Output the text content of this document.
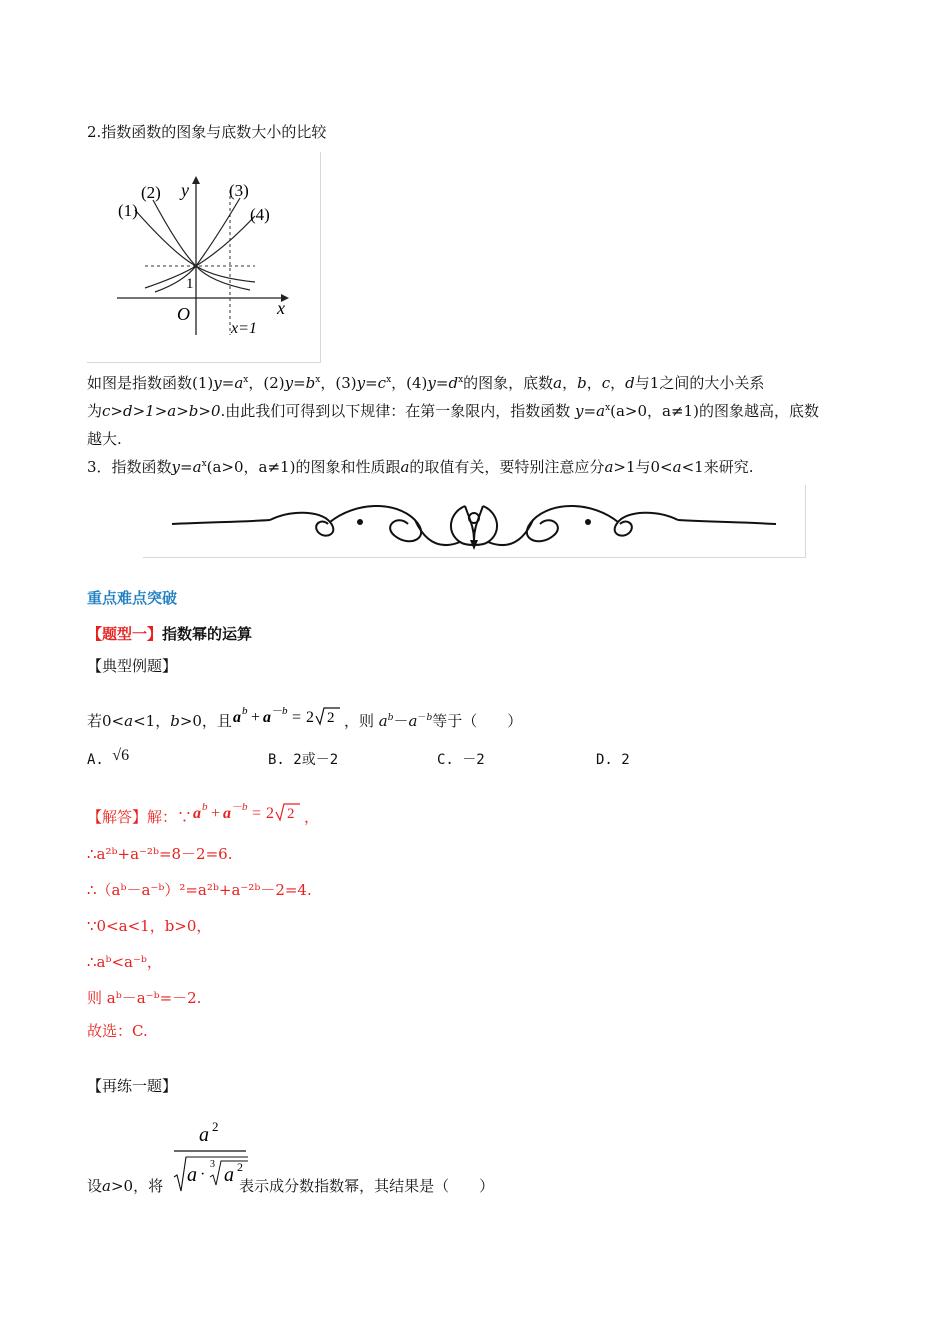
2.指数函数的图象与底数大小的比较
(1)
(2)	(3)
(4)
y
x
O
1
x=1
如图是指数函数$(1)y=a^x$，$(2)y=b^x$，$(3)y=c^x$，$(4)y=d^x$的图象，底数a，b，c，d与1之间的大小关系
为c>d>1>a>b>0.由此我们可得到以下规律：在第一象限内，指数函数 $y=a^x(a>0$，a≠1)的图象越高，底数
越大.
3．指数函数$y=a^x(a>0$，a≠1)的图象和性质跟a的取值有关，要特别注意应分a>1与0<a<1来研究.
重点难点突破
【题型一】指数幂的运算
【典型例题】
若0<a<1，b>0，且 a b + a － b = 2 2 ，则 $a^b-a^{-b}$等于（　　）
A. √6	B. 2或－2	C. －2	D. 2
【解答】解：∵ a b + a － b = 2 2 ，
∴a²ᵇ+a⁻²ᵇ=8－2=6.
∴（aᵇ－a⁻ᵇ）²=a²ᵇ+a⁻²ᵇ－2=4.
∵0<a<1，b>0，
∴aᵇ<a⁻ᵇ，
则 aᵇ－a⁻ᵇ=－2.
故选：C.
【再练一题】
设a>0，将	表示成分数指数幂，其结果是（　　）
a 2
a ·
3 a 2
